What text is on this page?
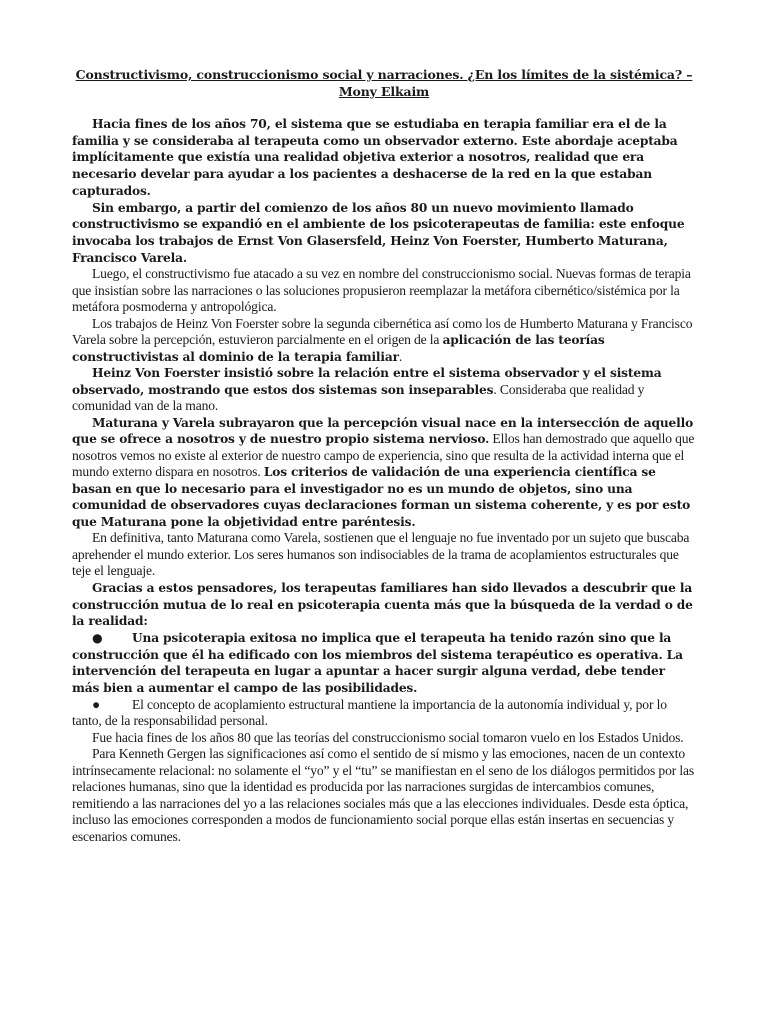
Constructivismo, construccionismo social y narraciones. ¿En los límites de la sistémica? –
Mony Elkaim

Hacia fines de los años 70, el sistema que se estudiaba en terapia familiar era el de la familia y se consideraba al terapeuta como un observador externo. Este abordaje aceptaba implícitamente que existía una realidad objetiva exterior a nosotros, realidad que era necesario develar para ayudar a los pacientes a deshacerse de la red en la que estaban capturados.

Sin embargo, a partir del comienzo de los años 80 un nuevo movimiento llamado constructivismo se expandió en el ambiente de los psicoterapeutas de familia: este enfoque invocaba los trabajos de Ernst Von Glasersfeld, Heinz Von Foerster, Humberto Maturana, Francisco Varela.

Luego, el constructivismo fue atacado a su vez en nombre del construccionismo social. Nuevas formas de terapia que insistían sobre las narraciones o las soluciones propusieron reemplazar la metáfora cibernético/sistémica por la metáfora posmoderna y antropológica.

Los trabajos de Heinz Von Foerster sobre la segunda cibernética así como los de Humberto Maturana y Francisco Varela sobre la percepción, estuvieron parcialmente en el origen de la aplicación de las teorías constructivistas al dominio de la terapia familiar.

Heinz Von Foerster insistió sobre la relación entre el sistema observador y el sistema observado, mostrando que estos dos sistemas son inseparables. Consideraba que realidad y comunidad van de la mano.

Maturana y Varela subrayaron que la percepción visual nace en la intersección de aquello que se ofrece a nosotros y de nuestro propio sistema nervioso. Ellos han demostrado que aquello que nosotros vemos no existe al exterior de nuestro campo de experiencia, sino que resulta de la actividad interna que el mundo externo dispara en nosotros. Los criterios de validación de una experiencia científica se basan en que lo necesario para el investigador no es un mundo de objetos, sino una comunidad de observadores cuyas declaraciones forman un sistema coherente, y es por esto que Maturana pone la objetividad entre paréntesis.

En definitiva, tanto Maturana como Varela, sostienen que el lenguaje no fue inventado por un sujeto que buscaba aprehender el mundo exterior. Los seres humanos son indisociables de la trama de acoplamientos estructurales que teje el lenguaje.

Gracias a estos pensadores, los terapeutas familiares han sido llevados a descubrir que la construcción mutua de lo real en psicoterapia cuenta más que la búsqueda de la verdad o de la realidad:

● Una psicoterapia exitosa no implica que el terapeuta ha tenido razón sino que la construcción que él ha edificado con los miembros del sistema terapéutico es operativa. La intervención del terapeuta en lugar a apuntar a hacer surgir alguna verdad, debe tender más bien a aumentar el campo de las posibilidades.

● El concepto de acoplamiento estructural mantiene la importancia de la autonomía individual y, por lo tanto, de la responsabilidad personal.

Fue hacia fines de los años 80 que las teorías del construccionismo social tomaron vuelo en los Estados Unidos.

Para Kenneth Gergen las significaciones así como el sentido de sí mismo y las emociones, nacen de un contexto intrínsecamente relacional: no solamente el “yo” y el “tu” se manifiestan en el seno de los diálogos permitidos por las relaciones humanas, sino que la identidad es producida por las narraciones surgidas de intercambios comunes, remitiendo a las narraciones del yo a las relaciones sociales más que a las elecciones individuales. Desde esta óptica, incluso las emociones corresponden a modos de funcionamiento social porque ellas están insertas en secuencias y escenarios comunes.
